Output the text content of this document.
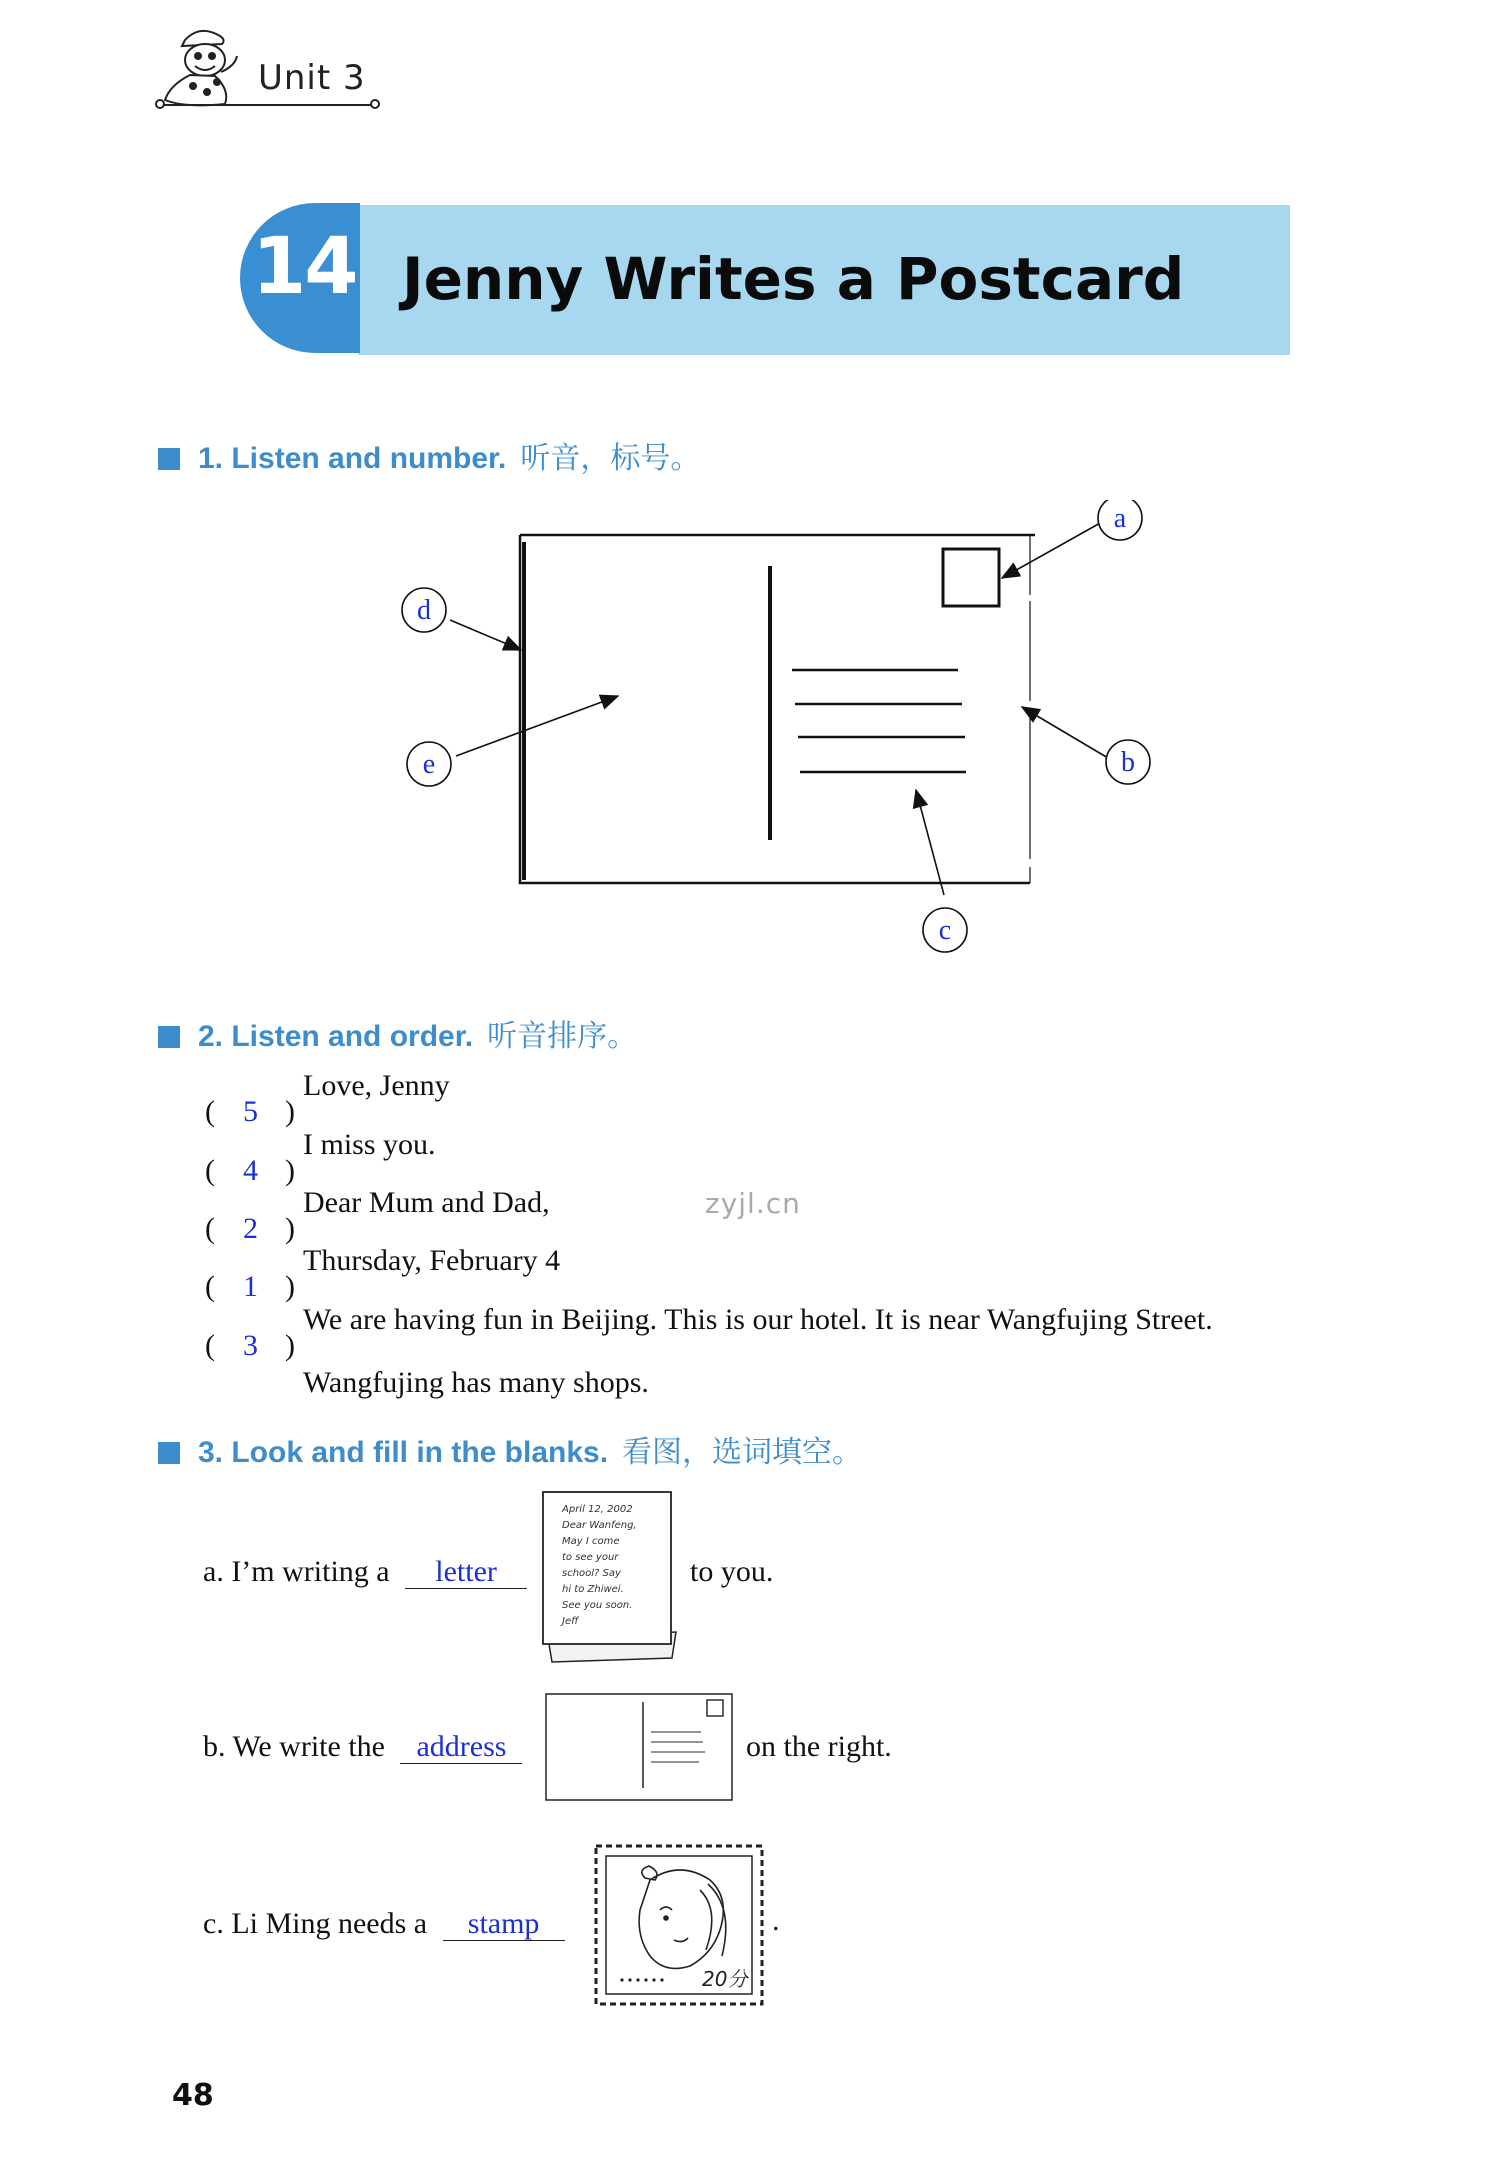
Unit 3
14 Jenny Writes a Postcard
1. Listen and number. 听音，标号。
a
b
c
d
e
2. Listen and order. 听音排序。
( 5 )
Love, Jenny
( 4 )
I miss you.
( 2 )
Dear Mum and Dad,
( 1 )
Thursday, February 4
( 3 )
We are having fun in Beijing. This is our hotel. It is near Wangfujing Street.
Wangfujing has many shops.
zyjl.cn
3. Look and fill in the blanks. 看图，选词填空。
a. I’m writing a letter	to you.
April 12, 2002
Dear Wanfeng,
May I come
to see your
school? Say
hi to Zhiwei.
See you soon.
Jeff
b. We write the address	on the right.
c. Li Ming needs a stamp	.
20分
48
